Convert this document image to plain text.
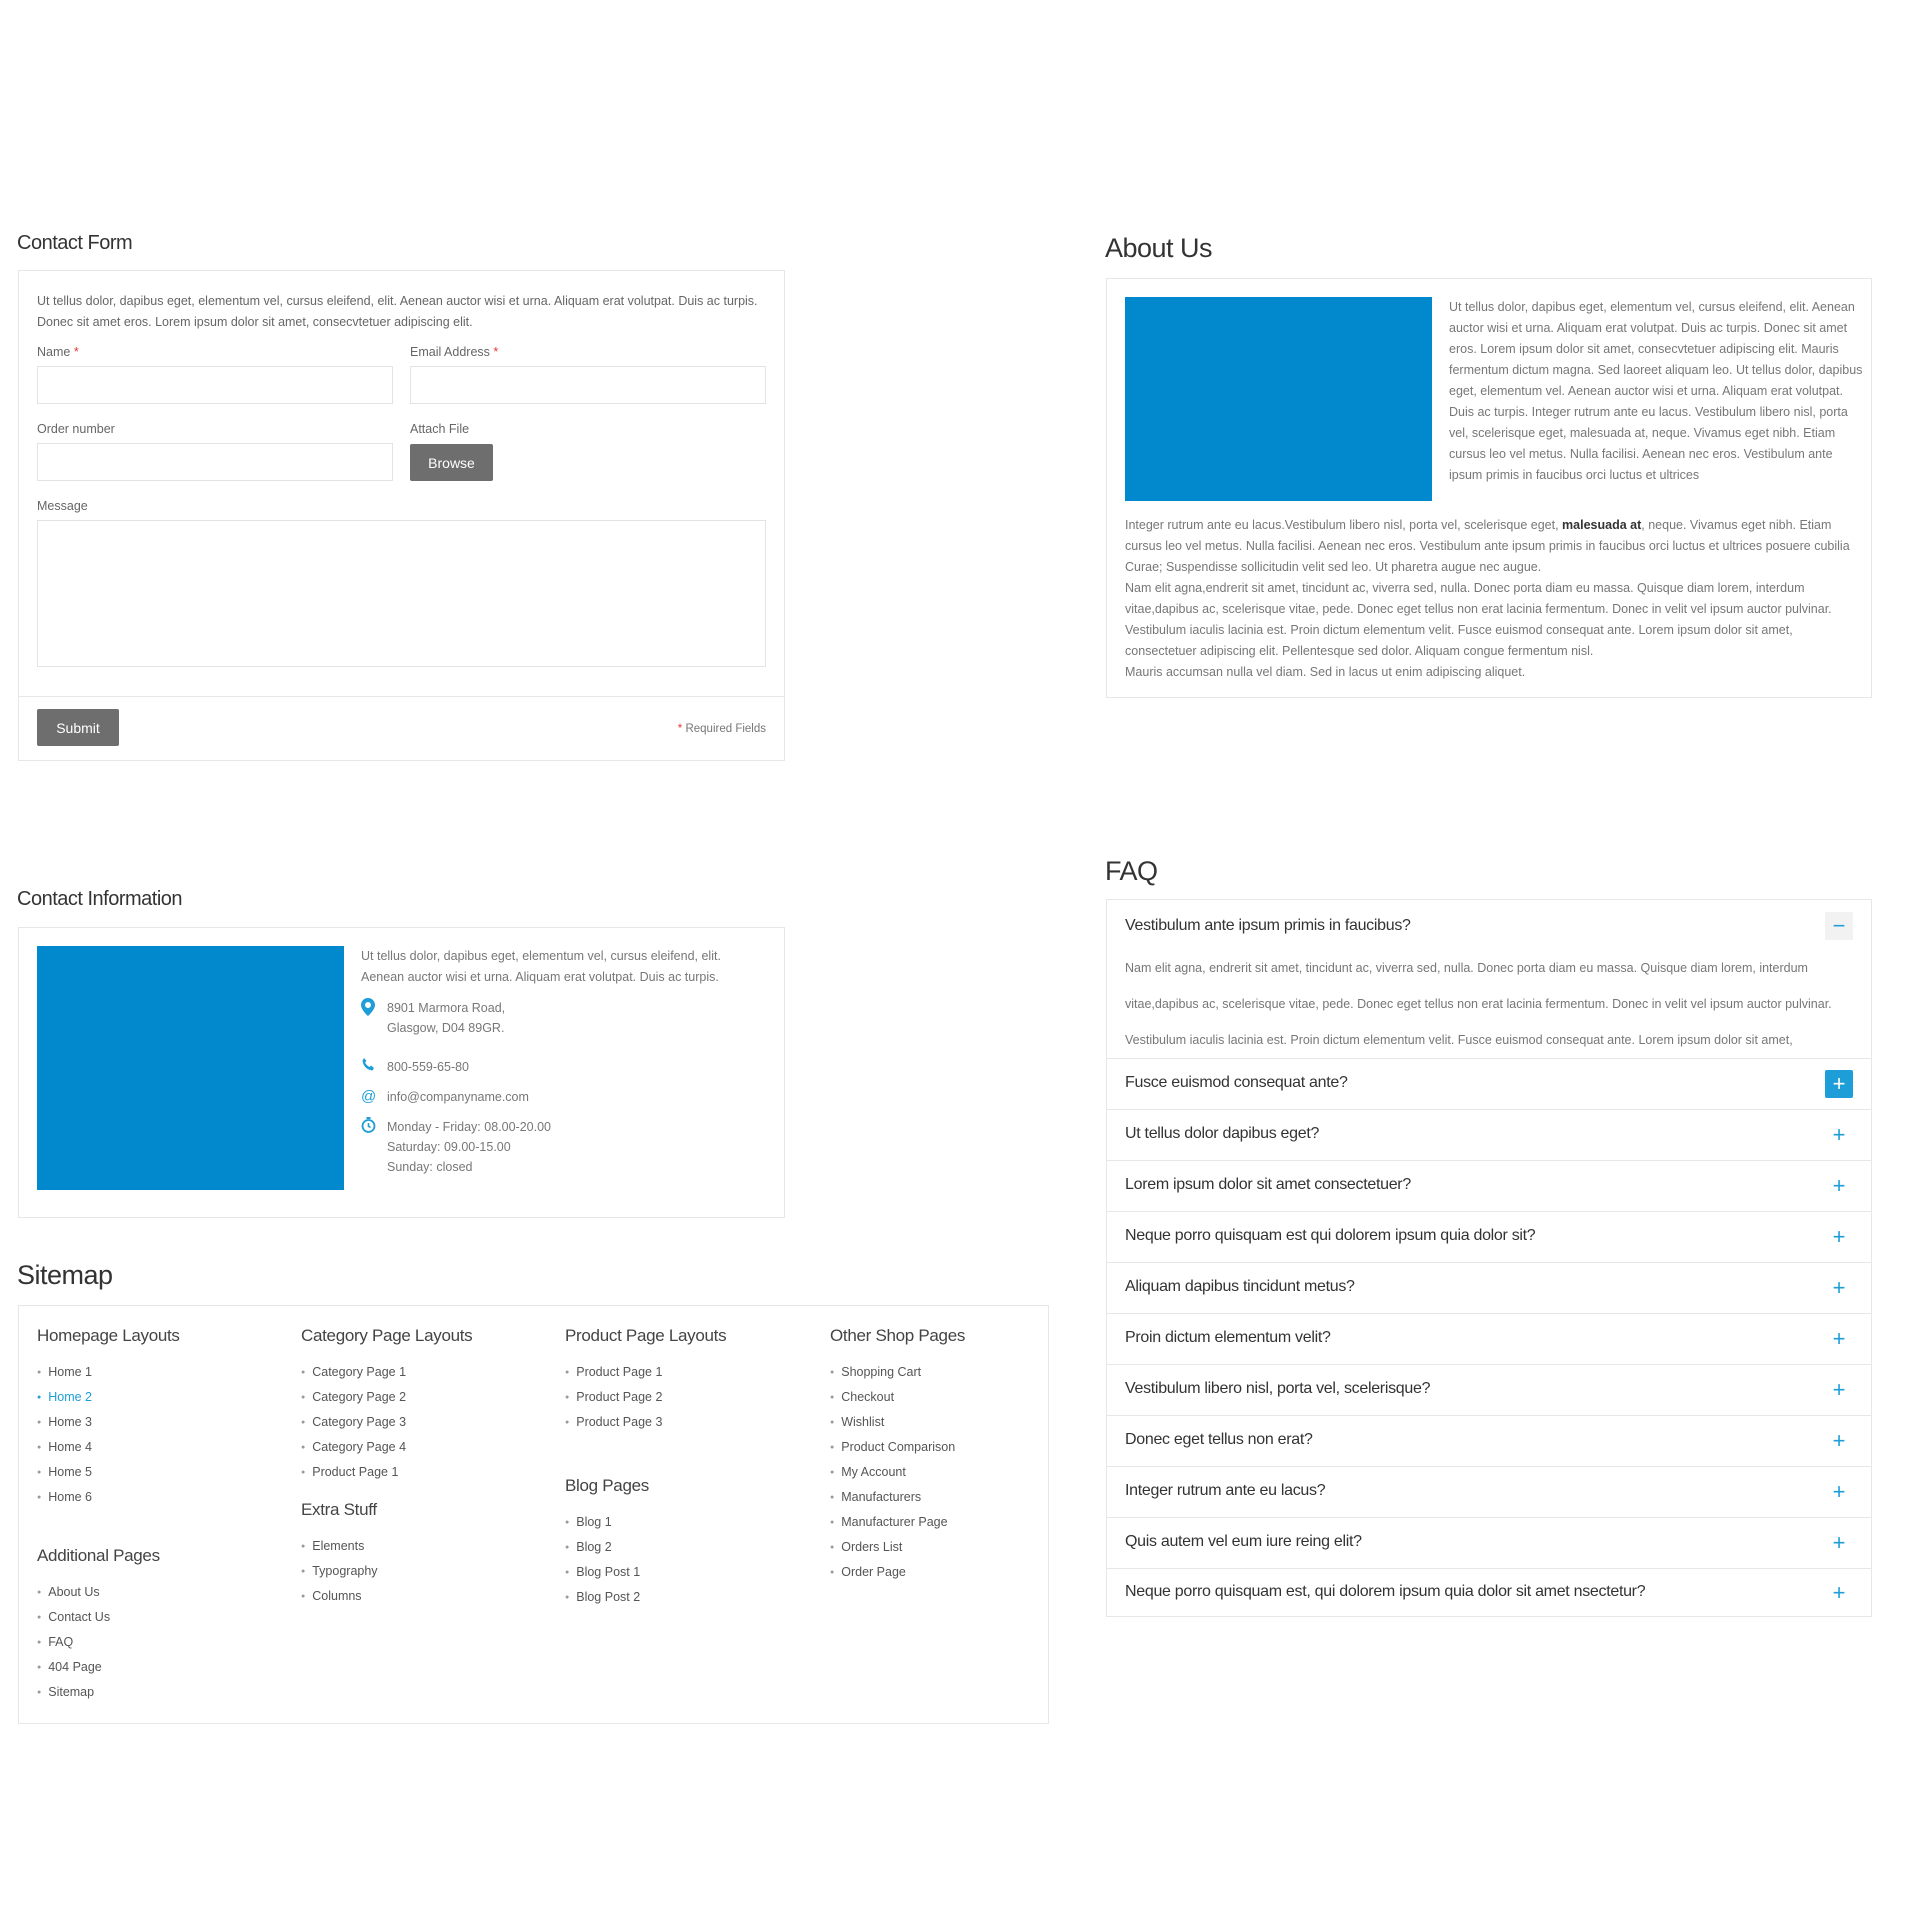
Contact Form
Ut tellus dolor, dapibus eget, elementum vel, cursus eleifend, elit. Aenean auctor wisi et urna. Aliquam erat volutpat. Duis ac turpis. Donec sit amet eros. Lorem ipsum dolor sit amet, consecvtetuer adipiscing elit.
Name *	Email Address *
Order number	Attach File
Browse
Message
Submit	* Required Fields
About Us
Ut tellus dolor, dapibus eget, elementum vel, cursus eleifend, elit. Aenean auctor wisi et urna. Aliquam erat volutpat. Duis ac turpis. Donec sit amet eros. Lorem ipsum dolor sit amet, consecvtetuer adipiscing elit. Mauris fermentum dictum magna. Sed laoreet aliquam leo. Ut tellus dolor, dapibus eget, elementum vel. Aenean auctor wisi et urna. Aliquam erat volutpat. Duis ac turpis. Integer rutrum ante eu lacus. Vestibulum libero nisl, porta vel, scelerisque eget, malesuada at, neque. Vivamus eget nibh. Etiam cursus leo vel metus. Nulla facilisi. Aenean nec eros. Vestibulum ante ipsum primis in faucibus orci luctus et ultrices
Integer rutrum ante eu lacus.Vestibulum libero nisl, porta vel, scelerisque eget, malesuada at, neque. Vivamus eget nibh. Etiam cursus leo vel metus. Nulla facilisi. Aenean nec eros. Vestibulum ante ipsum primis in faucibus orci luctus et ultrices posuere cubilia Curae; Suspendisse sollicitudin velit sed leo. Ut pharetra augue nec augue.
Nam elit agna,endrerit sit amet, tincidunt ac, viverra sed, nulla. Donec porta diam eu massa. Quisque diam lorem, interdum vitae,dapibus ac, scelerisque vitae, pede. Donec eget tellus non erat lacinia fermentum. Donec in velit vel ipsum auctor pulvinar. Vestibulum iaculis lacinia est. Proin dictum elementum velit. Fusce euismod consequat ante. Lorem ipsum dolor sit amet, consectetuer adipiscing elit. Pellentesque sed dolor. Aliquam congue fermentum nisl.
Mauris accumsan nulla vel diam. Sed in lacus ut enim adipiscing aliquet.
Contact Information
Ut tellus dolor, dapibus eget, elementum vel, cursus eleifend, elit. Aenean auctor wisi et urna. Aliquam erat volutpat. Duis ac turpis.
8901 Marmora Road,
Glasgow, D04 89GR.
800-559-65-80
@ info@companyname.com
Monday - Friday: 08.00-20.00
Saturday: 09.00-15.00
Sunday: closed
Sitemap
Homepage Layouts
● Home 1
● Home 2
● Home 3
● Home 4
● Home 5
● Home 6
Additional Pages
● About Us
● Contact Us
● FAQ
● 404 Page
● Sitemap
Category Page Layouts
● Category Page 1
● Category Page 2
● Category Page 3
● Category Page 4
● Product Page 1
Extra Stuff
● Elements
● Typography
● Columns
Product Page Layouts
● Product Page 1
● Product Page 2
● Product Page 3
Blog Pages
● Blog 1
● Blog 2
● Blog Post 1
● Blog Post 2
Other Shop Pages
● Shopping Cart
● Checkout
● Wishlist
● Product Comparison
● My Account
● Manufacturers
● Manufacturer Page
● Orders List
● Order Page
FAQ
Vestibulum ante ipsum primis in faucibus?	−
Nam elit agna, endrerit sit amet, tincidunt ac, viverra sed, nulla. Donec porta diam eu massa. Quisque diam lorem, interdum
vitae,dapibus ac, scelerisque vitae, pede. Donec eget tellus non erat lacinia fermentum. Donec in velit vel ipsum auctor pulvinar.
Vestibulum iaculis lacinia est. Proin dictum elementum velit. Fusce euismod consequat ante. Lorem ipsum dolor sit amet,
Fusce euismod consequat ante?	+
Ut tellus dolor dapibus eget?	+
Lorem ipsum dolor sit amet consectetuer?	+
Neque porro quisquam est qui dolorem ipsum quia dolor sit?	+
Aliquam dapibus tincidunt metus?	+
Proin dictum elementum velit?	+
Vestibulum libero nisl, porta vel, scelerisque?	+
Donec eget tellus non erat?	+
Integer rutrum ante eu lacus?	+
Quis autem vel eum iure reing elit?	+
Neque porro quisquam est, qui dolorem ipsum quia dolor sit amet nsectetur?	+
